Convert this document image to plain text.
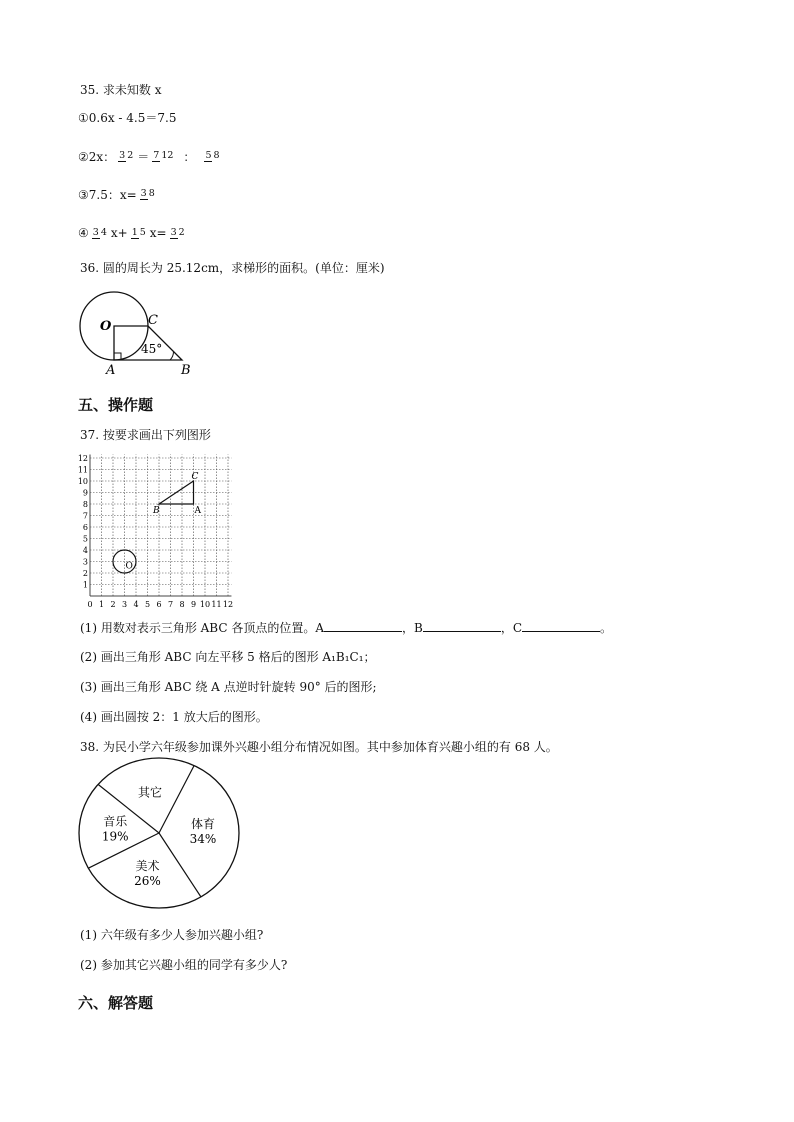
35. 求未知数 x
①0.6x - 4.5＝7.5
②2x： 3 2 ＝ 7 12 ： 5 8
③7.5：x= 3 8
④ 3 4 x+ 1 5 x= 3 2
36. 圆的周长为 25.12cm，求梯形的面积。(单位：厘米)
O	C
A	B
45°
五、操作题
37. 按要求画出下列图形
12
11
10
9
8
7
6
5
4
3
2
1
0 1 2 3 4 5 6 7 8 9 10 11 12
A
B
C
O
(1) 用数对表示三角形 ABC 各顶点的位置。A	，B	，C	。
(2) 画出三角形 ABC 向左平移 5 格后的图形 A₁B₁C₁；
(3) 画出三角形 ABC 绕 A 点逆时针旋转 90° 后的图形;
(4) 画出圆按 2：1 放大后的图形。
38. 为民小学六年级参加课外兴趣小组分布情况如图。其中参加体育兴趣小组的有 68 人。
体育
34%
美术
26%
音乐
19%
其它
(1) 六年级有多少人参加兴趣小组?
(2) 参加其它兴趣小组的同学有多少人?
六、解答题
